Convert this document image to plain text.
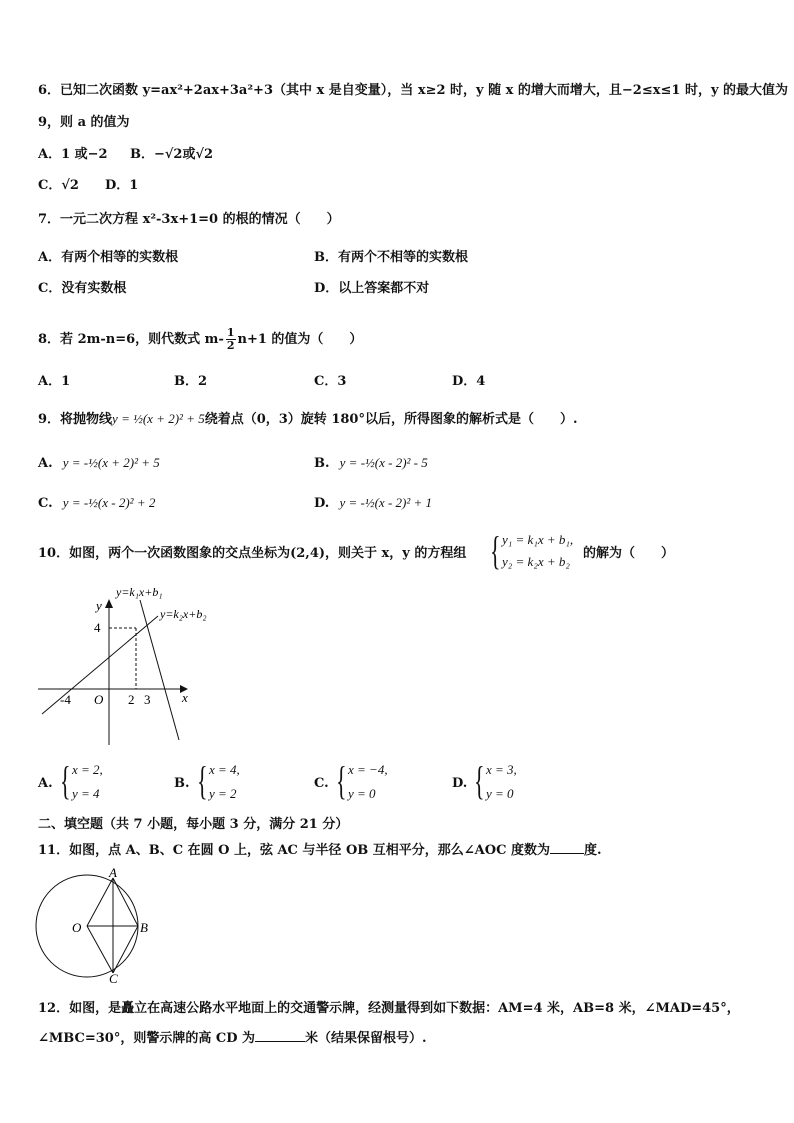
6．已知二次函数 y=ax²+2ax+3a²+3（其中 x 是自变量），当 x≥2 时，y 随 x 的增大而增大，且−2≤x≤1 时，y 的最大值为
9，则 a 的值为
A．1 或−2 B．−√2或√2
C．√2 D．1
7．一元二次方程 x²-3x+1=0 的根的情况（　　）
A．有两个相等的实数根	B．有两个不相等的实数根
C．没有实数根	D．以上答案都不对
8．若 2m-n=6，则代数式 $m- \frac{1}{2} n+1$ 的值为（　　）
A．1	B．2	C．3	D．4
9．将抛物线y = ½(x + 2)² + 5绕着点（0，3）旋转 180°以后，所得图象的解析式是（　　）.
A. y = -½(x + 2)² + 5	B. y = -½(x - 2)² - 5
C. y = -½(x - 2)² + 2	D. y = -½(x - 2)² + 1
10．如图，两个一次函数图象的交点坐标为(2,4)，则关于 x，y 的方程组 { y₁ = k₁x + b₁,
y₂ = k₂x + b₂
的解为（　　）
y=k₁x+b₁
y=k₂x+b₂
y
x
4
-4 O 2 3
A. { x = 2,
y = 4
B. { x = 4,
y = 2
C. { x = −4,
y = 0
D. { x = 3,
y = 0
二、填空题（共 7 小题，每小题 3 分，满分 21 分）
11．如图，点 A、B、C 在圆 O 上，弦 AC 与半径 OB 互相平分，那么∠AOC 度数为	度.
A
B
C
O
12．如图，是矗立在高速公路水平地面上的交通警示牌，经测量得到如下数据：AM=4 米，AB=8 米，∠MAD=45°，
∠MBC=30°，则警示牌的高 CD 为	米（结果保留根号）.
